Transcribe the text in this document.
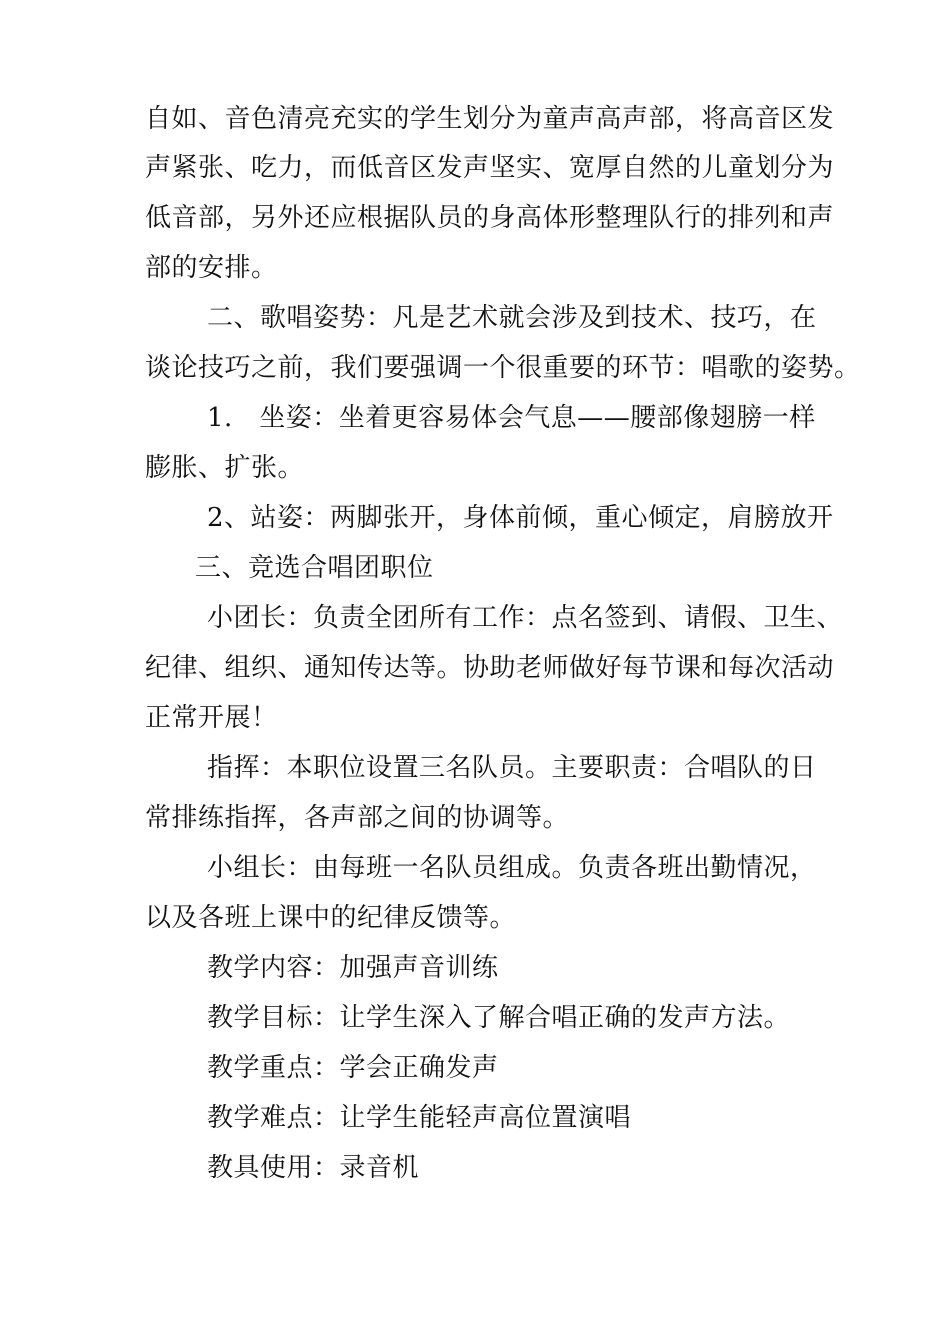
自如、音色清亮充实的学生划分为童声高声部，将高音区发
声紧张、吃力，而低音区发声坚实、宽厚自然的儿童划分为
低音部，另外还应根据队员的身高体形整理队行的排列和声
部的安排。
二、歌唱姿势：凡是艺术就会涉及到技术、技巧，在
谈论技巧之前，我们要强调一个很重要的环节：唱歌的姿势。
1.　坐姿：坐着更容易体会气息——腰部像翅膀一样
膨胀、扩张。
2、站姿：两脚张开，身体前倾，重心倾定，肩膀放开
三、竞选合唱团职位
小团长：负责全团所有工作：点名签到、请假、卫生、
纪律、组织、通知传达等。协助老师做好每节课和每次活动
正常开展！
指挥：本职位设置三名队员。主要职责：合唱队的日
常排练指挥，各声部之间的协调等。
小组长：由每班一名队员组成。负责各班出勤情况，
以及各班上课中的纪律反馈等。
教学内容：加强声音训练
教学目标：让学生深入了解合唱正确的发声方法。
教学重点：学会正确发声
教学难点：让学生能轻声高位置演唱
教具使用：录音机
